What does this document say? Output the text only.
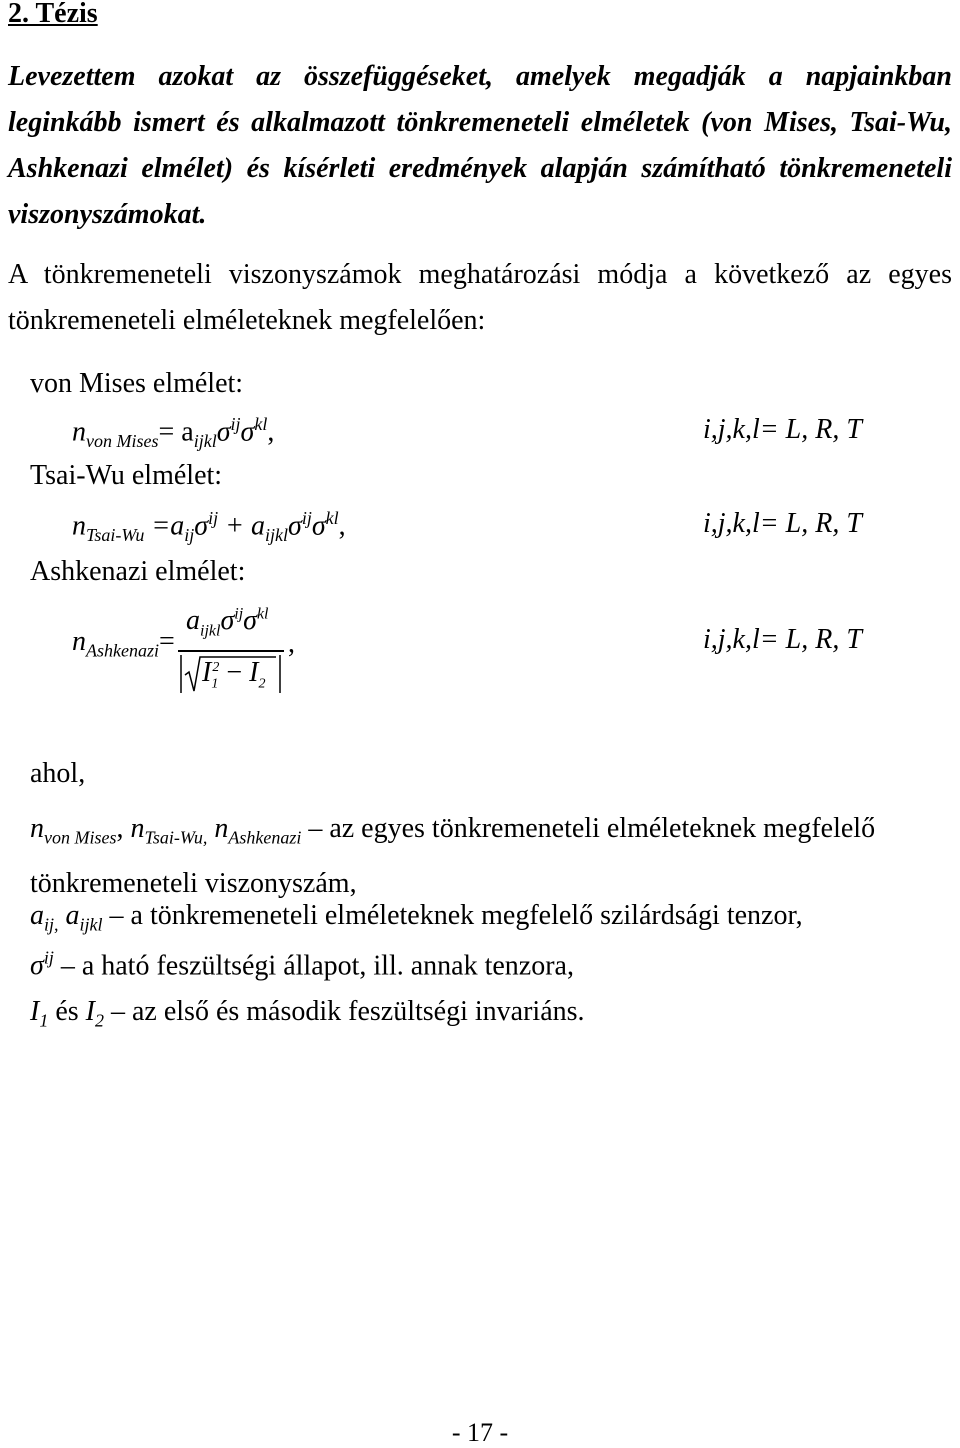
2. Tézis
Levezettem azokat az összefüggéseket, amelyek megadják a napjainkban leginkább ismert és alkalmazott tönkremeneteli elméletek (von Mises, Tsai-Wu, Ashkenazi elmélet) és kísérleti eredmények alapján számítható tönkremeneteli viszonyszámokat.
A tönkremeneteli viszonyszámok meghatározási módja a következő az egyes tönkremeneteli elméleteknek megfelelően:
von Mises elmélet:
$n_{von Mises}= a_{ijkl}\sigma^{ij}\sigma^{kl}$,	i,j,k,l= L, R, T
Tsai-Wu elmélet:
$n_{Tsai-Wu} =a_{ij}\sigma^{ij} + a_{ijkl}\sigma^{ij}\sigma^{kl}$,	i,j,k,l= L, R, T
Ashkenazi elmélet:
$n_{Ashkenazi}=$
$a_{ijkl}\sigma^{ij}\sigma^{kl}$
$I_1^2 - I_2$
,	i,j,k,l= L, R, T
ahol,
$n_{von Mises}$, $n_{Tsai-Wu,}$ $n_{Ashkenazi}$ – az egyes tönkremeneteli elméleteknek megfelelő tönkremeneteli viszonyszám,
$a_{ij,}$ $a_{ijkl}$ – a tönkremeneteli elméleteknek megfelelő szilárdsági tenzor,
$\sigma^{ij}$ – a ható feszültségi állapot, ill. annak tenzora,
$I_1$ és $I_2$ – az első és második feszültségi invariáns.
- 17 -
